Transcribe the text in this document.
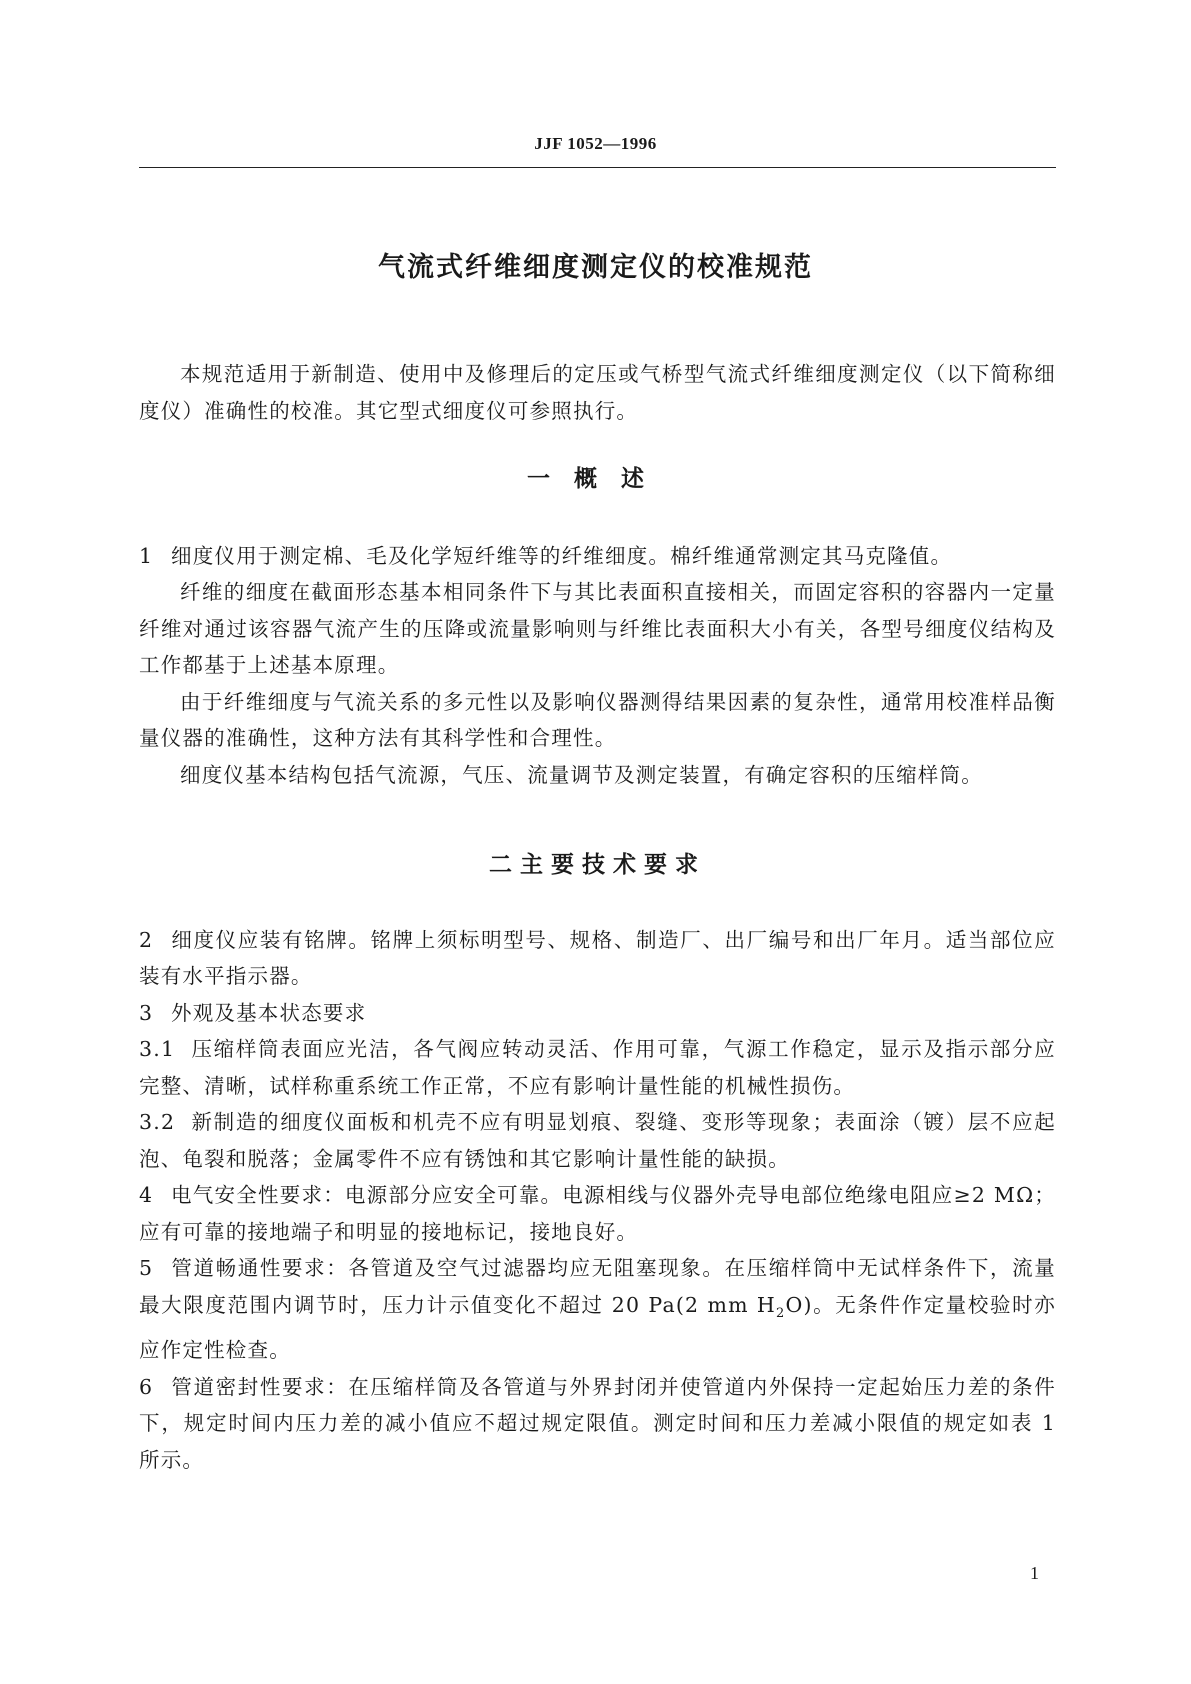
JJF 1052—1996
气流式纤维细度测定仪的校准规范

本规范适用于新制造、使用中及修理后的定压或气桥型气流式纤维细度测定仪（以下简称细度仪）准确性的校准。其它型式细度仪可参照执行。

一概述

1 细度仪用于测定棉、毛及化学短纤维等的纤维细度。棉纤维通常测定其马克隆值。

纤维的细度在截面形态基本相同条件下与其比表面积直接相关，而固定容积的容器内一定量纤维对通过该容器气流产生的压降或流量影响则与纤维比表面积大小有关，各型号细度仪结构及工作都基于上述基本原理。

由于纤维细度与气流关系的多元性以及影响仪器测得结果因素的复杂性，通常用校准样品衡量仪器的准确性，这种方法有其科学性和合理性。

细度仪基本结构包括气流源，气压、流量调节及测定装置，有确定容积的压缩样筒。

二主要技术要求

2 细度仪应装有铭牌。铭牌上须标明型号、规格、制造厂、出厂编号和出厂年月。适当部位应装有水平指示器。

3 外观及基本状态要求

3.1 压缩样筒表面应光洁，各气阀应转动灵活、作用可靠，气源工作稳定，显示及指示部分应完整、清晰，试样称重系统工作正常，不应有影响计量性能的机械性损伤。

3.2 新制造的细度仪面板和机壳不应有明显划痕、裂缝、变形等现象；表面涂（镀）层不应起泡、龟裂和脱落；金属零件不应有锈蚀和其它影响计量性能的缺损。

4 电气安全性要求：电源部分应安全可靠。电源相线与仪器外壳导电部位绝缘电阻应≥2 MΩ；应有可靠的接地端子和明显的接地标记，接地良好。

5 管道畅通性要求：各管道及空气过滤器均应无阻塞现象。在压缩样筒中无试样条件下，流量最大限度范围内调节时，压力计示值变化不超过 20 Pa(2 mm $H_2O$)。无条件作定量校验时亦应作定性检查。

6 管道密封性要求：在压缩样筒及各管道与外界封闭并使管道内外保持一定起始压力差的条件下，规定时间内压力差的减小值应不超过规定限值。测定时间和压力差减小限值的规定如表 1 所示。

1
